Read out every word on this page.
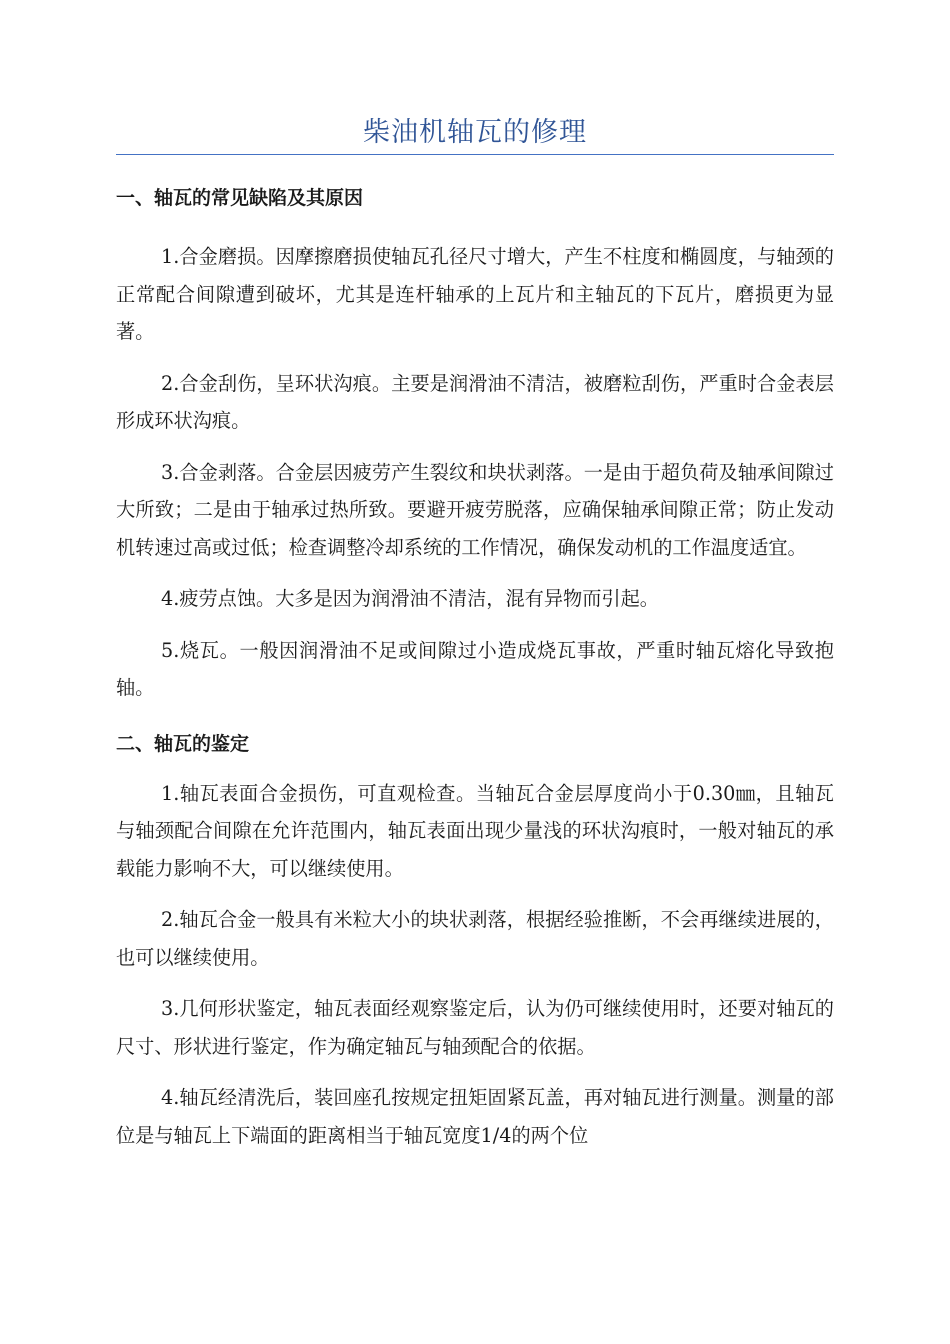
柴油机轴瓦的修理

一、轴瓦的常见缺陷及其原因

1.合金磨损。因摩擦磨损使轴瓦孔径尺寸增大，产生不柱度和椭圆度，与轴颈的正常配合间隙遭到破坏，尤其是连杆轴承的上瓦片和主轴瓦的下瓦片，磨损更为显著。

2.合金刮伤，呈环状沟痕。主要是润滑油不清洁，被磨粒刮伤，严重时合金表层形成环状沟痕。

3.合金剥落。合金层因疲劳产生裂纹和块状剥落。一是由于超负荷及轴承间隙过大所致；二是由于轴承过热所致。要避开疲劳脱落，应确保轴承间隙正常；防止发动机转速过高或过低；检查调整冷却系统的工作情况，确保发动机的工作温度适宜。

4.疲劳点蚀。大多是因为润滑油不清洁，混有异物而引起。

5.烧瓦。一般因润滑油不足或间隙过小造成烧瓦事故，严重时轴瓦熔化导致抱轴。

二、轴瓦的鉴定

1.轴瓦表面合金损伤，可直观检查。当轴瓦合金层厚度尚小于0.30㎜，且轴瓦与轴颈配合间隙在允许范围内，轴瓦表面出现少量浅的环状沟痕时，一般对轴瓦的承载能力影响不大，可以继续使用。

2.轴瓦合金一般具有米粒大小的块状剥落，根据经验推断，不会再继续进展的，也可以继续使用。

3.几何形状鉴定，轴瓦表面经观察鉴定后，认为仍可继续使用时，还要对轴瓦的尺寸、形状进行鉴定，作为确定轴瓦与轴颈配合的依据。

4.轴瓦经清洗后，装回座孔按规定扭矩固紧瓦盖，再对轴瓦进行测量。测量的部位是与轴瓦上下端面的距离相当于轴瓦宽度1/4的两个位
